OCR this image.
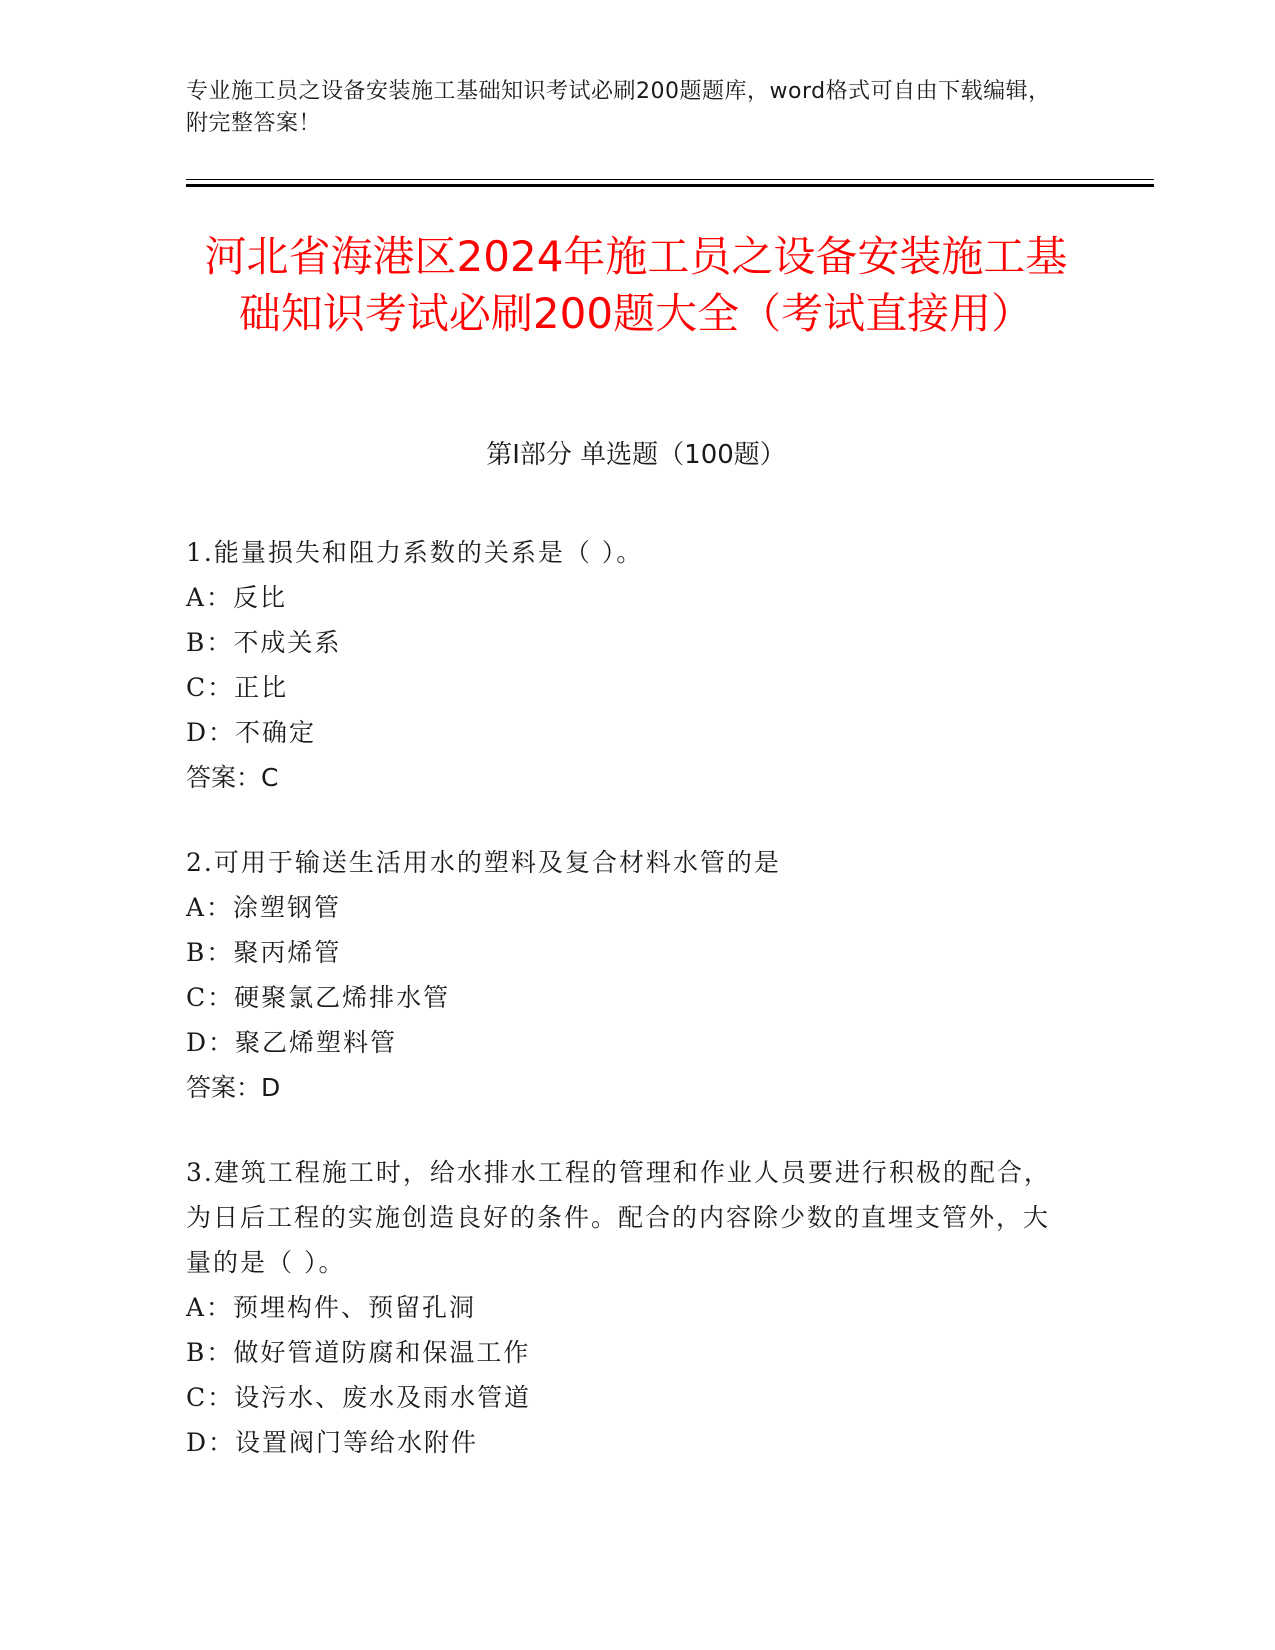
专业施工员之设备安装施工基础知识考试必刷200题题库，word格式可自由下载编辑，附完整答案！
河北省海港区2024年施工员之设备安装施工基础知识考试必刷200题大全（考试直接用）
第Ⅰ部分 单选题（100题）
1.能量损失和阻力系数的关系是（ ）。
A：反比
B：不成关系
C：正比
D：不确定
答案：C
2.可用于输送生活用水的塑料及复合材料水管的是
A：涂塑钢管
B：聚丙烯管
C：硬聚氯乙烯排水管
D：聚乙烯塑料管
答案：D
3.建筑工程施工时，给水排水工程的管理和作业人员要进行积极的配合，为日后工程的实施创造良好的条件。配合的内容除少数的直埋支管外，大量的是（ ）。
A：预埋构件、预留孔洞
B：做好管道防腐和保温工作
C：设污水、废水及雨水管道
D：设置阀门等给水附件
